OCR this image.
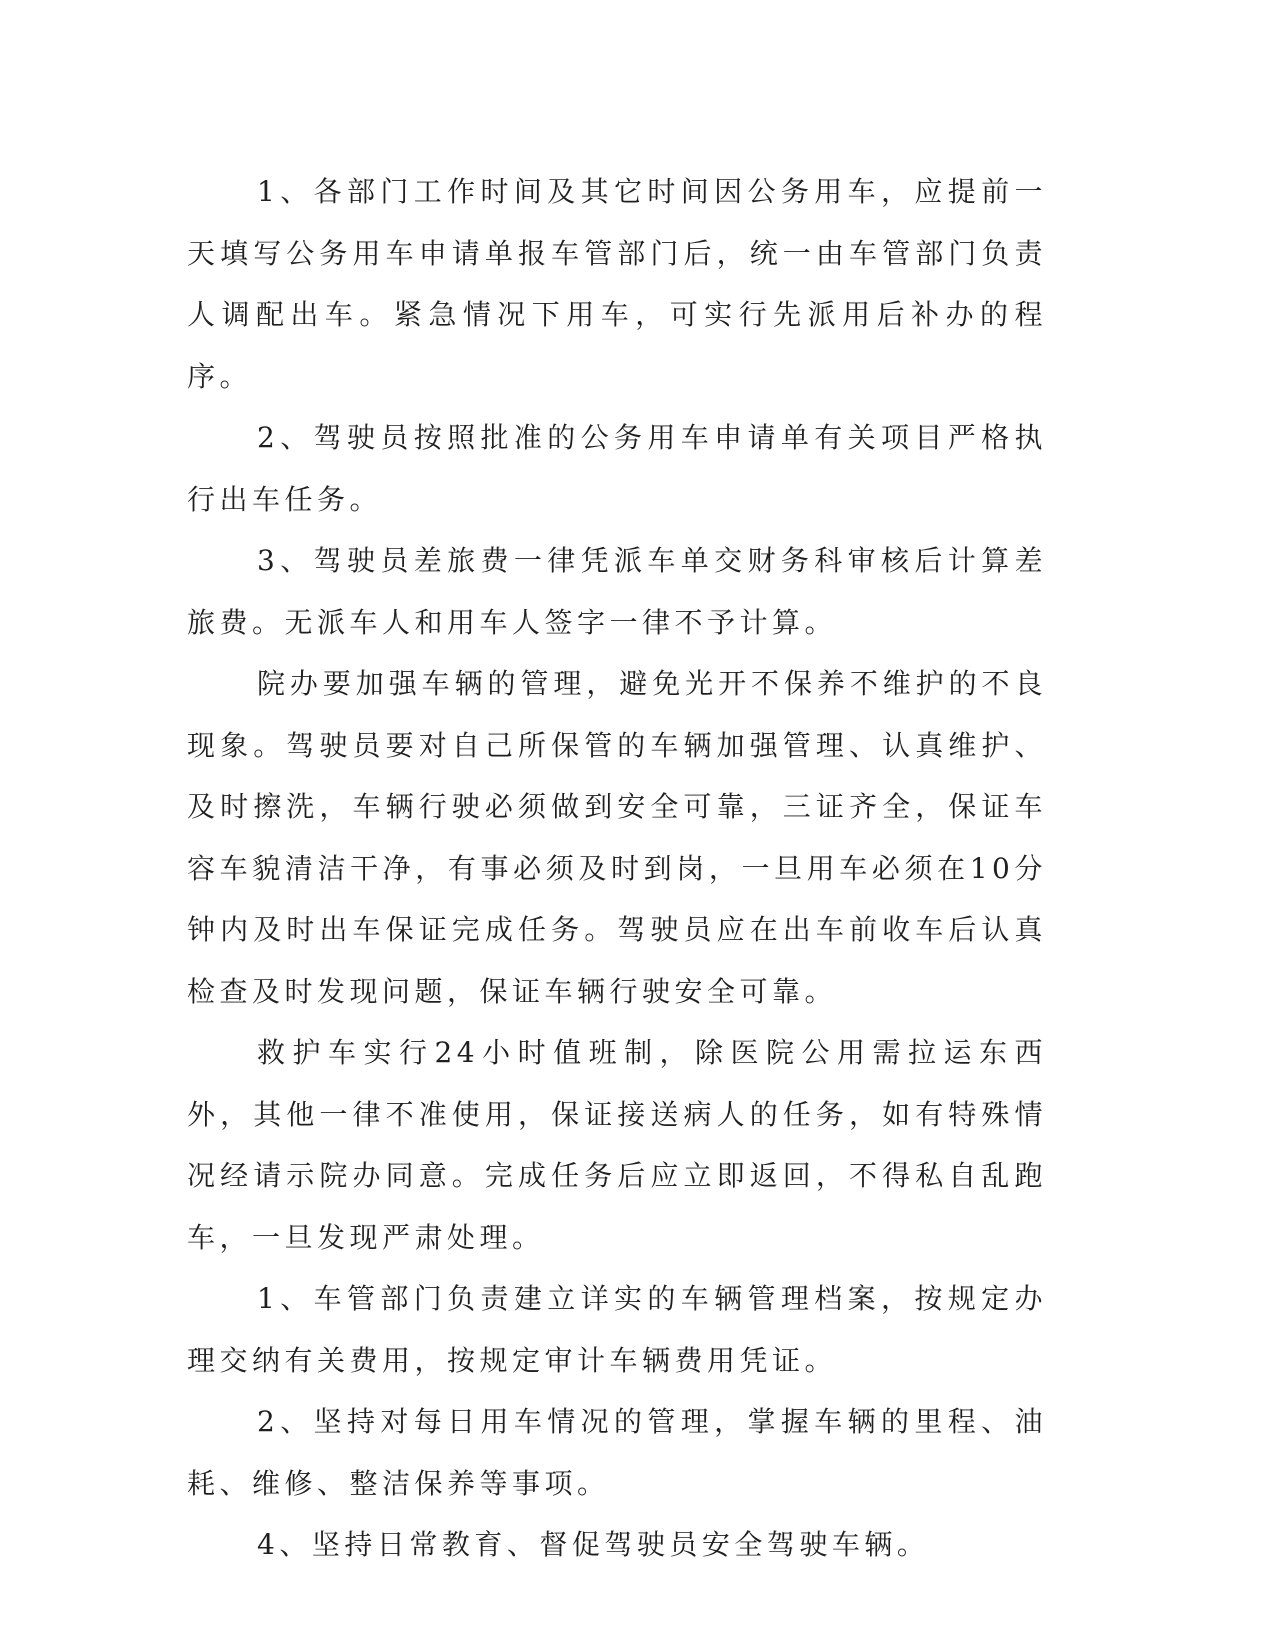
1、各部门工作时间及其它时间因公务用车，应提前一天填写公务用车申请单报车管部门后，统一由车管部门负责人调配出车。紧急情况下用车，可实行先派用后补办的程序。

2、驾驶员按照批准的公务用车申请单有关项目严格执行出车任务。

3、驾驶员差旅费一律凭派车单交财务科审核后计算差旅费。无派车人和用车人签字一律不予计算。

院办要加强车辆的管理，避免光开不保养不维护的不良现象。驾驶员要对自己所保管的车辆加强管理、认真维护、及时擦洗，车辆行驶必须做到安全可靠，三证齐全，保证车容车貌清洁干净，有事必须及时到岗，一旦用车必须在10分钟内及时出车保证完成任务。驾驶员应在出车前收车后认真检查及时发现问题，保证车辆行驶安全可靠。

救护车实行24小时值班制，除医院公用需拉运东西外，其他一律不准使用，保证接送病人的任务，如有特殊情况经请示院办同意。完成任务后应立即返回，不得私自乱跑车，一旦发现严肃处理。

1、车管部门负责建立详实的车辆管理档案，按规定办理交纳有关费用，按规定审计车辆费用凭证。

2、坚持对每日用车情况的管理，掌握车辆的里程、油耗、维修、整洁保养等事项。

4、坚持日常教育、督促驾驶员安全驾驶车辆。
